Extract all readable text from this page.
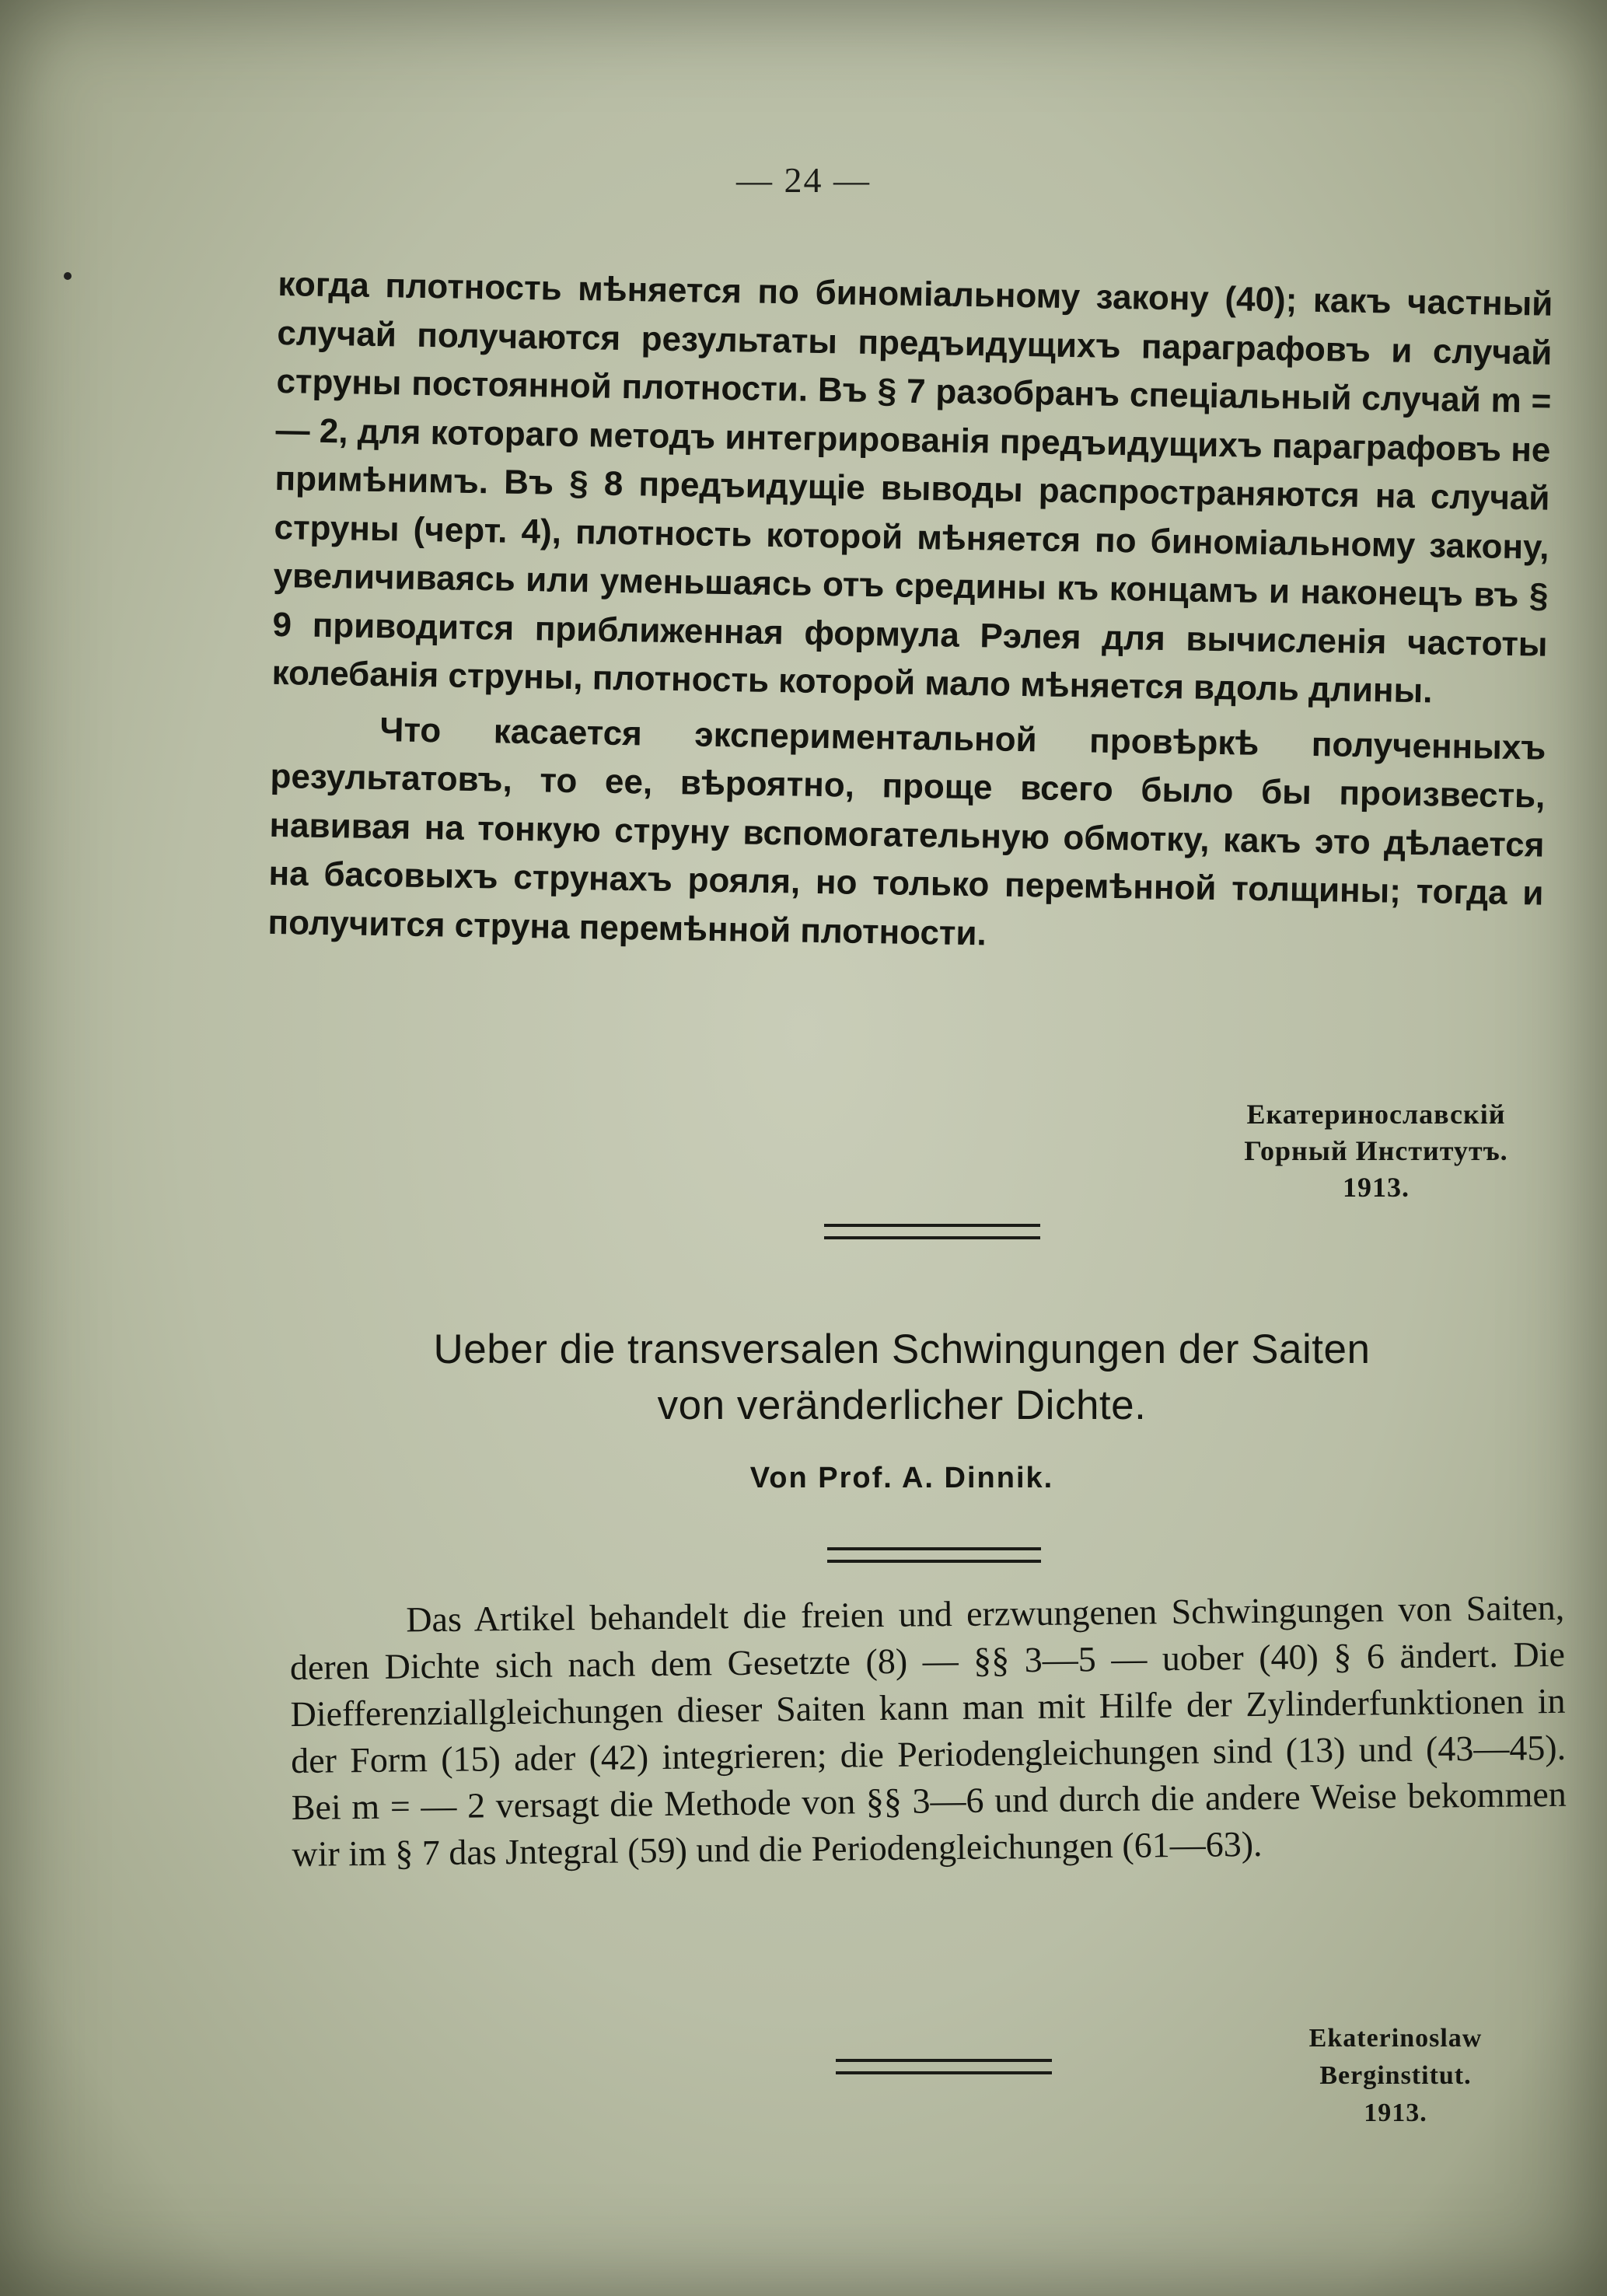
— 24 —

когда плотность мѣняется по биноміальному закону (40); какъ частный случай получаются результаты предъидущихъ параграфовъ и случай струны постоянной плотности. Въ § 7 разобранъ спеціальный случай m = — 2, для котораго методъ интегрированія предъидущихъ параграфовъ не примѣнимъ. Въ § 8 предъидущіе выводы распространяются на случай струны (черт. 4), плотность которой мѣняется по биноміальному закону, увеличиваясь или уменьшаясь отъ средины къ концамъ и наконецъ въ § 9 приводится приближенная формула Рэлея для вычисленія частоты колебанія струны, плотность которой мало мѣняется вдоль длины.

Что касается экспериментальной провѣркѣ полученныхъ результатовъ, то ее, вѣроятно, проще всего было бы произвесть, навивая на тонкую струну вспомогательную обмотку, какъ это дѣлается на басовыхъ струнахъ рояля, но только перемѣнной толщины; тогда и получится струна перемѣнной плотности.

Екатеринославскій
Горный Институтъ.
1913.
Ueber die transversalen Schwingungen der Saiten
von veränderlicher Dichte.
Von Prof. A. Dinnik.

Das Artikel behandelt die freien und erzwungenen Schwingungen von Saiten, deren Dichte sich nach dem Gesetzte (8) — §§ 3—5 — uober (40) § 6 ändert. Die Diefferenziallgleichungen dieser Saiten kann man mit Hilfe der Zylinderfunktionen in der Form (15) ader (42) integrieren; die Periodengleichungen sind (13) und (43—45). Bei m = — 2 versagt die Methode von §§ 3—6 und durch die andere Weise bekommen wir im § 7 das Jntegral (59) und die Periodengleichungen (61—63).

Ekaterinoslaw
Berginstitut.
1913.
